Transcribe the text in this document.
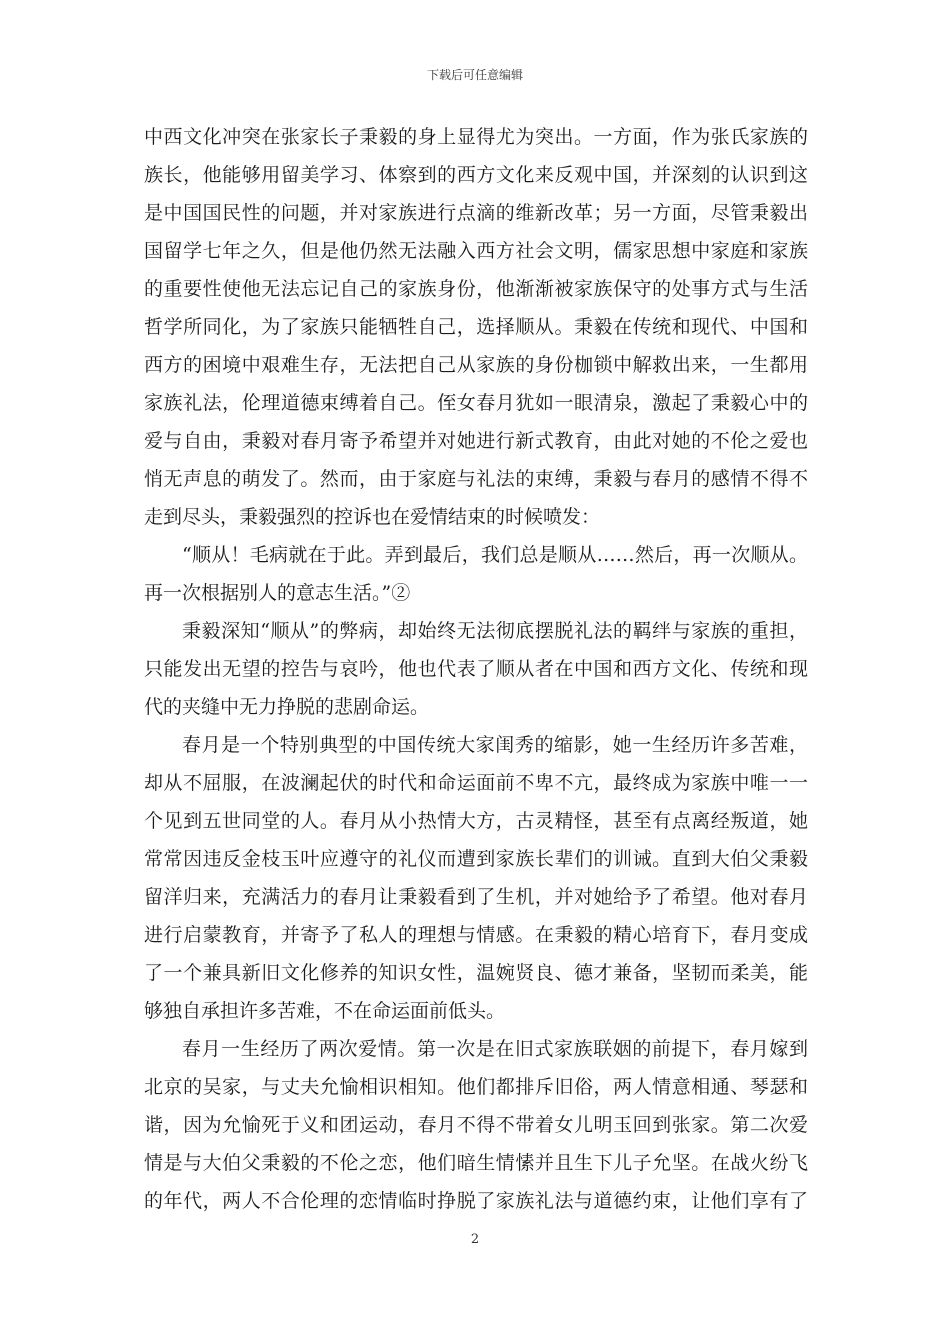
下载后可任意编辑
中西文化冲突在张家长子秉毅的身上显得尤为突出。一方面，作为张氏家族的
族长，他能够用留美学习、体察到的西方文化来反观中国，并深刻的认识到这
是中国国民性的问题，并对家族进行点滴的维新改革；另一方面，尽管秉毅出
国留学七年之久，但是他仍然无法融入西方社会文明，儒家思想中家庭和家族
的重要性使他无法忘记自己的家族身份，他渐渐被家族保守的处事方式与生活
哲学所同化，为了家族只能牺牲自己，选择顺从。秉毅在传统和现代、中国和
西方的困境中艰难生存，无法把自己从家族的身份枷锁中解救出来，一生都用
家族礼法，伦理道德束缚着自己。侄女春月犹如一眼清泉，激起了秉毅心中的
爱与自由，秉毅对春月寄予希望并对她进行新式教育，由此对她的不伦之爱也
悄无声息的萌发了。然而，由于家庭与礼法的束缚，秉毅与春月的感情不得不
走到尽头，秉毅强烈的控诉也在爱情结束的时候喷发：
“顺从！毛病就在于此。弄到最后，我们总是顺从……然后，再一次顺从。
再一次根据别人的意志生活。”②
秉毅深知“顺从”的弊病，却始终无法彻底摆脱礼法的羁绊与家族的重担，
只能发出无望的控告与哀吟，他也代表了顺从者在中国和西方文化、传统和现
代的夹缝中无力挣脱的悲剧命运。
春月是一个特别典型的中国传统大家闺秀的缩影，她一生经历许多苦难，
却从不屈服，在波澜起伏的时代和命运面前不卑不亢，最终成为家族中唯一一
个见到五世同堂的人。春月从小热情大方，古灵精怪，甚至有点离经叛道，她
常常因违反金枝玉叶应遵守的礼仪而遭到家族长辈们的训诫。直到大伯父秉毅
留洋归来，充满活力的春月让秉毅看到了生机，并对她给予了希望。他对春月
进行启蒙教育，并寄予了私人的理想与情感。在秉毅的精心培育下，春月变成
了一个兼具新旧文化修养的知识女性，温婉贤良、德才兼备，坚韧而柔美，能
够独自承担许多苦难，不在命运面前低头。
春月一生经历了两次爱情。第一次是在旧式家族联姻的前提下，春月嫁到
北京的吴家，与丈夫允愉相识相知。他们都排斥旧俗，两人情意相通、琴瑟和
谐，因为允愉死于义和团运动，春月不得不带着女儿明玉回到张家。第二次爱
情是与大伯父秉毅的不伦之恋，他们暗生情愫并且生下儿子允坚。在战火纷飞
的年代，两人不合伦理的恋情临时挣脱了家族礼法与道德约束，让他们享有了
2
